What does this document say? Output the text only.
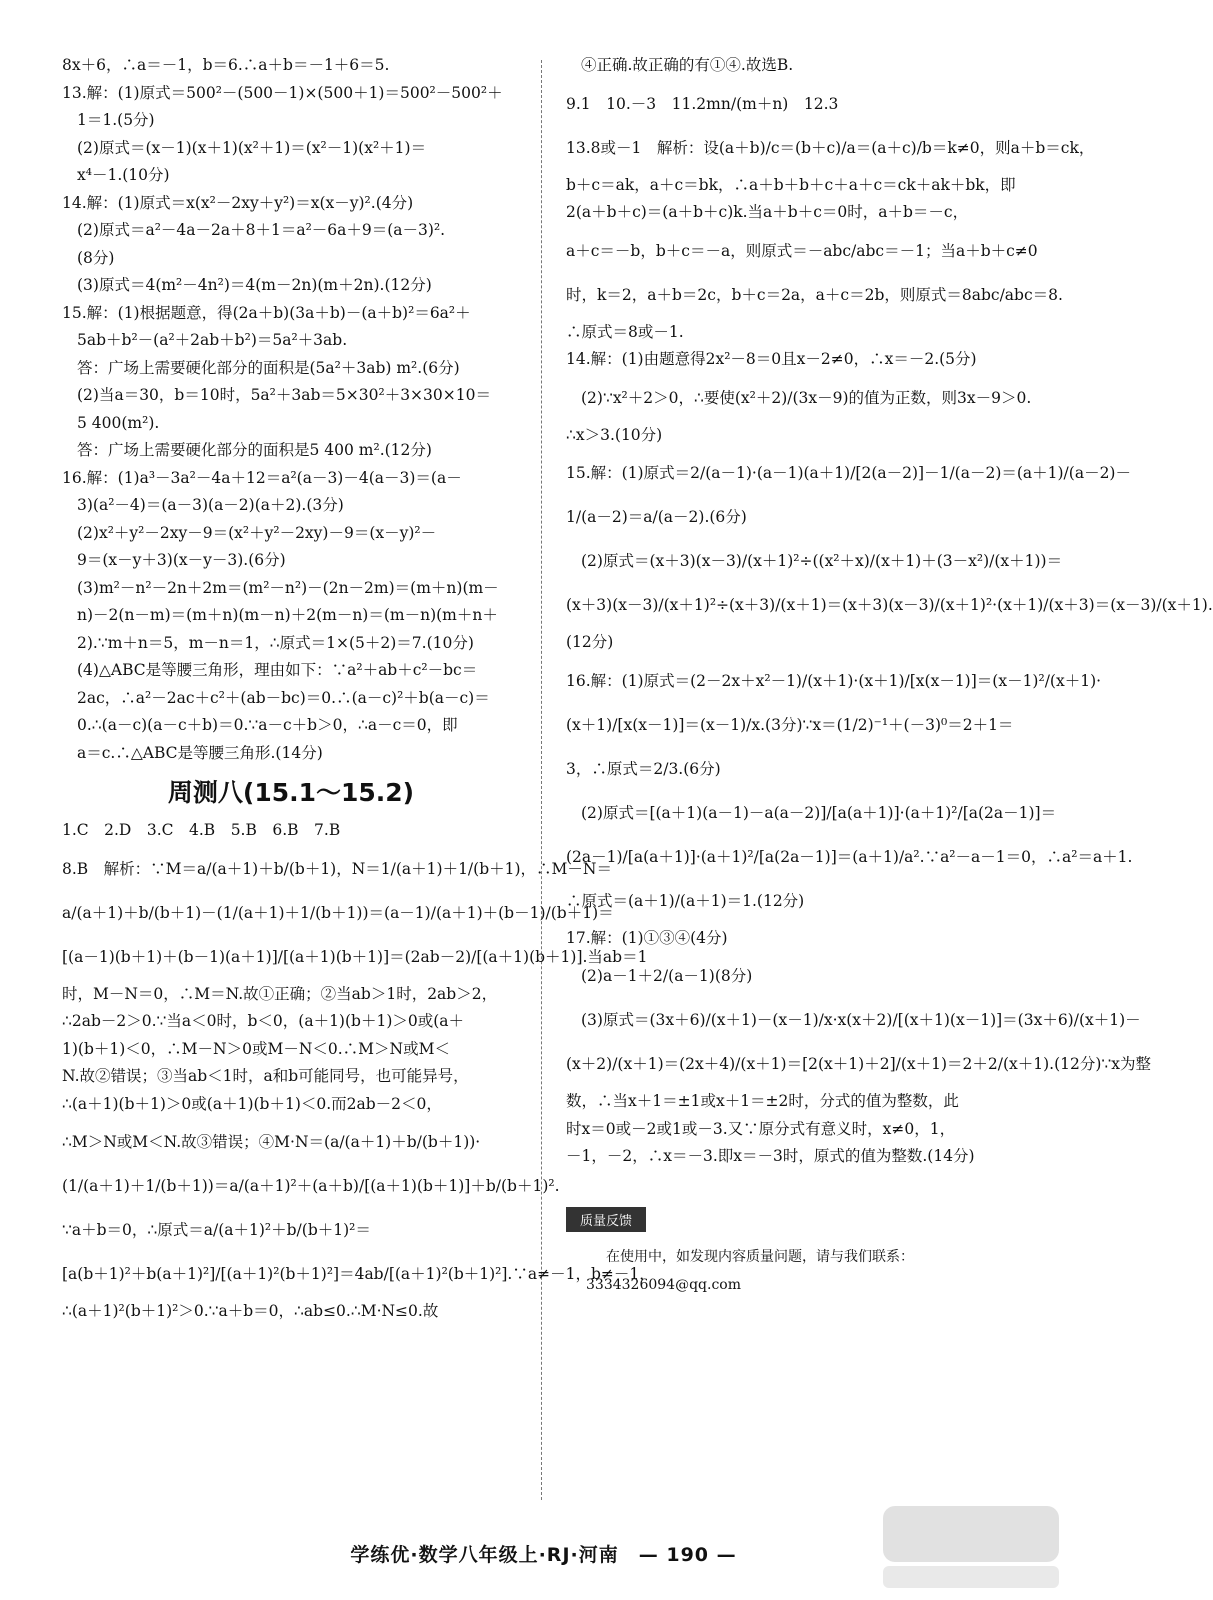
8x＋6，∴a＝－1，b＝6.∴a＋b＝－1＋6＝5.
13.解：(1)原式＝500²－(500－1)×(500＋1)＝500²－500²＋
1＝1.(5分)
(2)原式＝(x－1)(x＋1)(x²＋1)＝(x²－1)(x²＋1)＝
x⁴－1.(10分)
14.解：(1)原式＝x(x²－2xy＋y²)＝x(x－y)².(4分)
(2)原式＝a²－4a－2a＋8＋1＝a²－6a＋9＝(a－3)².
(8分)
(3)原式＝4(m²－4n²)＝4(m－2n)(m＋2n).(12分)
15.解：(1)根据题意，得(2a＋b)(3a＋b)－(a＋b)²＝6a²＋
5ab＋b²－(a²＋2ab＋b²)＝5a²＋3ab.
答：广场上需要硬化部分的面积是(5a²＋3ab) m².(6分)
(2)当a＝30，b＝10时，5a²＋3ab＝5×30²＋3×30×10＝
5 400(m²).
答：广场上需要硬化部分的面积是5 400 m².(12分)
16.解：(1)a³－3a²－4a＋12＝a²(a－3)－4(a－3)＝(a－
3)(a²－4)＝(a－3)(a－2)(a＋2).(3分)
(2)x²＋y²－2xy－9＝(x²＋y²－2xy)－9＝(x－y)²－
9＝(x－y＋3)(x－y－3).(6分)
(3)m²－n²－2n＋2m＝(m²－n²)－(2n－2m)＝(m＋n)(m－
n)－2(n－m)＝(m＋n)(m－n)＋2(m－n)＝(m－n)(m＋n＋
2).∵m＋n＝5，m－n＝1，∴原式＝1×(5＋2)＝7.(10分)
(4)△ABC是等腰三角形，理由如下：∵a²＋ab＋c²－bc＝
2ac，∴a²－2ac＋c²＋(ab－bc)＝0.∴(a－c)²＋b(a－c)＝
0.∴(a－c)(a－c＋b)＝0.∵a－c＋b＞0，∴a－c＝0，即
a＝c.∴△ABC是等腰三角形.(14分)
周测八(15.1～15.2)
1.C　2.D　3.C　4.B　5.B　6.B　7.B
8.B　解析：∵M＝a/(a＋1)＋b/(b＋1)，N＝1/(a＋1)＋1/(b＋1)，∴M－N＝
a/(a＋1)＋b/(b＋1)－(1/(a＋1)＋1/(b＋1))＝(a－1)/(a＋1)＋(b－1)/(b＋1)＝
[(a－1)(b＋1)＋(b－1)(a＋1)]/[(a＋1)(b＋1)]＝(2ab－2)/[(a＋1)(b＋1)].当ab＝1
时，M－N＝0，∴M＝N.故①正确；②当ab＞1时，2ab＞2，
∴2ab－2＞0.∵当a＜0时，b＜0，(a＋1)(b＋1)＞0或(a＋
1)(b＋1)＜0，∴M－N＞0或M－N＜0.∴M＞N或M＜
N.故②错误；③当ab＜1时，a和b可能同号，也可能异号，
∴(a＋1)(b＋1)＞0或(a＋1)(b＋1)＜0.而2ab－2＜0，
∴M＞N或M＜N.故③错误；④M·N＝(a/(a＋1)＋b/(b＋1))·
(1/(a＋1)＋1/(b＋1))＝a/(a＋1)²＋(a＋b)/[(a＋1)(b＋1)]＋b/(b＋1)².
∵a＋b＝0，∴原式＝a/(a＋1)²＋b/(b＋1)²＝
[a(b＋1)²＋b(a＋1)²]/[(a＋1)²(b＋1)²]＝4ab/[(a＋1)²(b＋1)²].∵a≠－1，b≠－1，
∴(a＋1)²(b＋1)²＞0.∵a＋b＝0，∴ab≤0.∴M·N≤0.故
④正确.故正确的有①④.故选B.
9.1　10.－3　11.2mn/(m＋n)　12.3
13.8或－1　解析：设(a＋b)/c＝(b＋c)/a＝(a＋c)/b＝k≠0，则a＋b＝ck，
b＋c＝ak，a＋c＝bk，∴a＋b＋b＋c＋a＋c＝ck＋ak＋bk，即
2(a＋b＋c)＝(a＋b＋c)k.当a＋b＋c＝0时，a＋b＝－c，
a＋c＝－b，b＋c＝－a，则原式＝－abc/abc＝－1；当a＋b＋c≠0
时，k＝2，a＋b＝2c，b＋c＝2a，a＋c＝2b，则原式＝8abc/abc＝8.
∴原式＝8或－1.
14.解：(1)由题意得2x²－8＝0且x－2≠0，∴x＝－2.(5分)
(2)∵x²＋2＞0，∴要使(x²＋2)/(3x－9)的值为正数，则3x－9＞0.
∴x＞3.(10分)
15.解：(1)原式＝2/(a－1)·(a－1)(a＋1)/[2(a－2)]－1/(a－2)＝(a＋1)/(a－2)－
1/(a－2)＝a/(a－2).(6分)
(2)原式＝(x＋3)(x－3)/(x＋1)²÷((x²＋x)/(x＋1)＋(3－x²)/(x＋1))＝
(x＋3)(x－3)/(x＋1)²÷(x＋3)/(x＋1)＝(x＋3)(x－3)/(x＋1)²·(x＋1)/(x＋3)＝(x－3)/(x＋1).
(12分)
16.解：(1)原式＝(2－2x＋x²－1)/(x＋1)·(x＋1)/[x(x－1)]＝(x－1)²/(x＋1)·
(x＋1)/[x(x－1)]＝(x－1)/x.(3分)∵x＝(1/2)⁻¹＋(－3)⁰＝2＋1＝
3，∴原式＝2/3.(6分)
(2)原式＝[(a＋1)(a－1)－a(a－2)]/[a(a＋1)]·(a＋1)²/[a(2a－1)]＝
(2a－1)/[a(a＋1)]·(a＋1)²/[a(2a－1)]＝(a＋1)/a².∵a²－a－1＝0，∴a²＝a＋1.
∴原式＝(a＋1)/(a＋1)＝1.(12分)
17.解：(1)①③④(4分)
(2)a－1＋2/(a－1)(8分)
(3)原式＝(3x＋6)/(x＋1)－(x－1)/x·x(x＋2)/[(x＋1)(x－1)]＝(3x＋6)/(x＋1)－
(x＋2)/(x＋1)＝(2x＋4)/(x＋1)＝[2(x＋1)＋2]/(x＋1)＝2＋2/(x＋1).(12分)∵x为整
数，∴当x＋1＝±1或x＋1＝±2时，分式的值为整数，此
时x＝0或－2或1或－3.又∵原分式有意义时，x≠0，1，
－1，－2，∴x＝－3.即x＝－3时，原式的值为整数.(14分)
质量反馈
在使用中，如发现内容质量问题，请与我们联系：
3334326094@qq.com
学练优·数学八年级上·RJ·河南　— 190 —
